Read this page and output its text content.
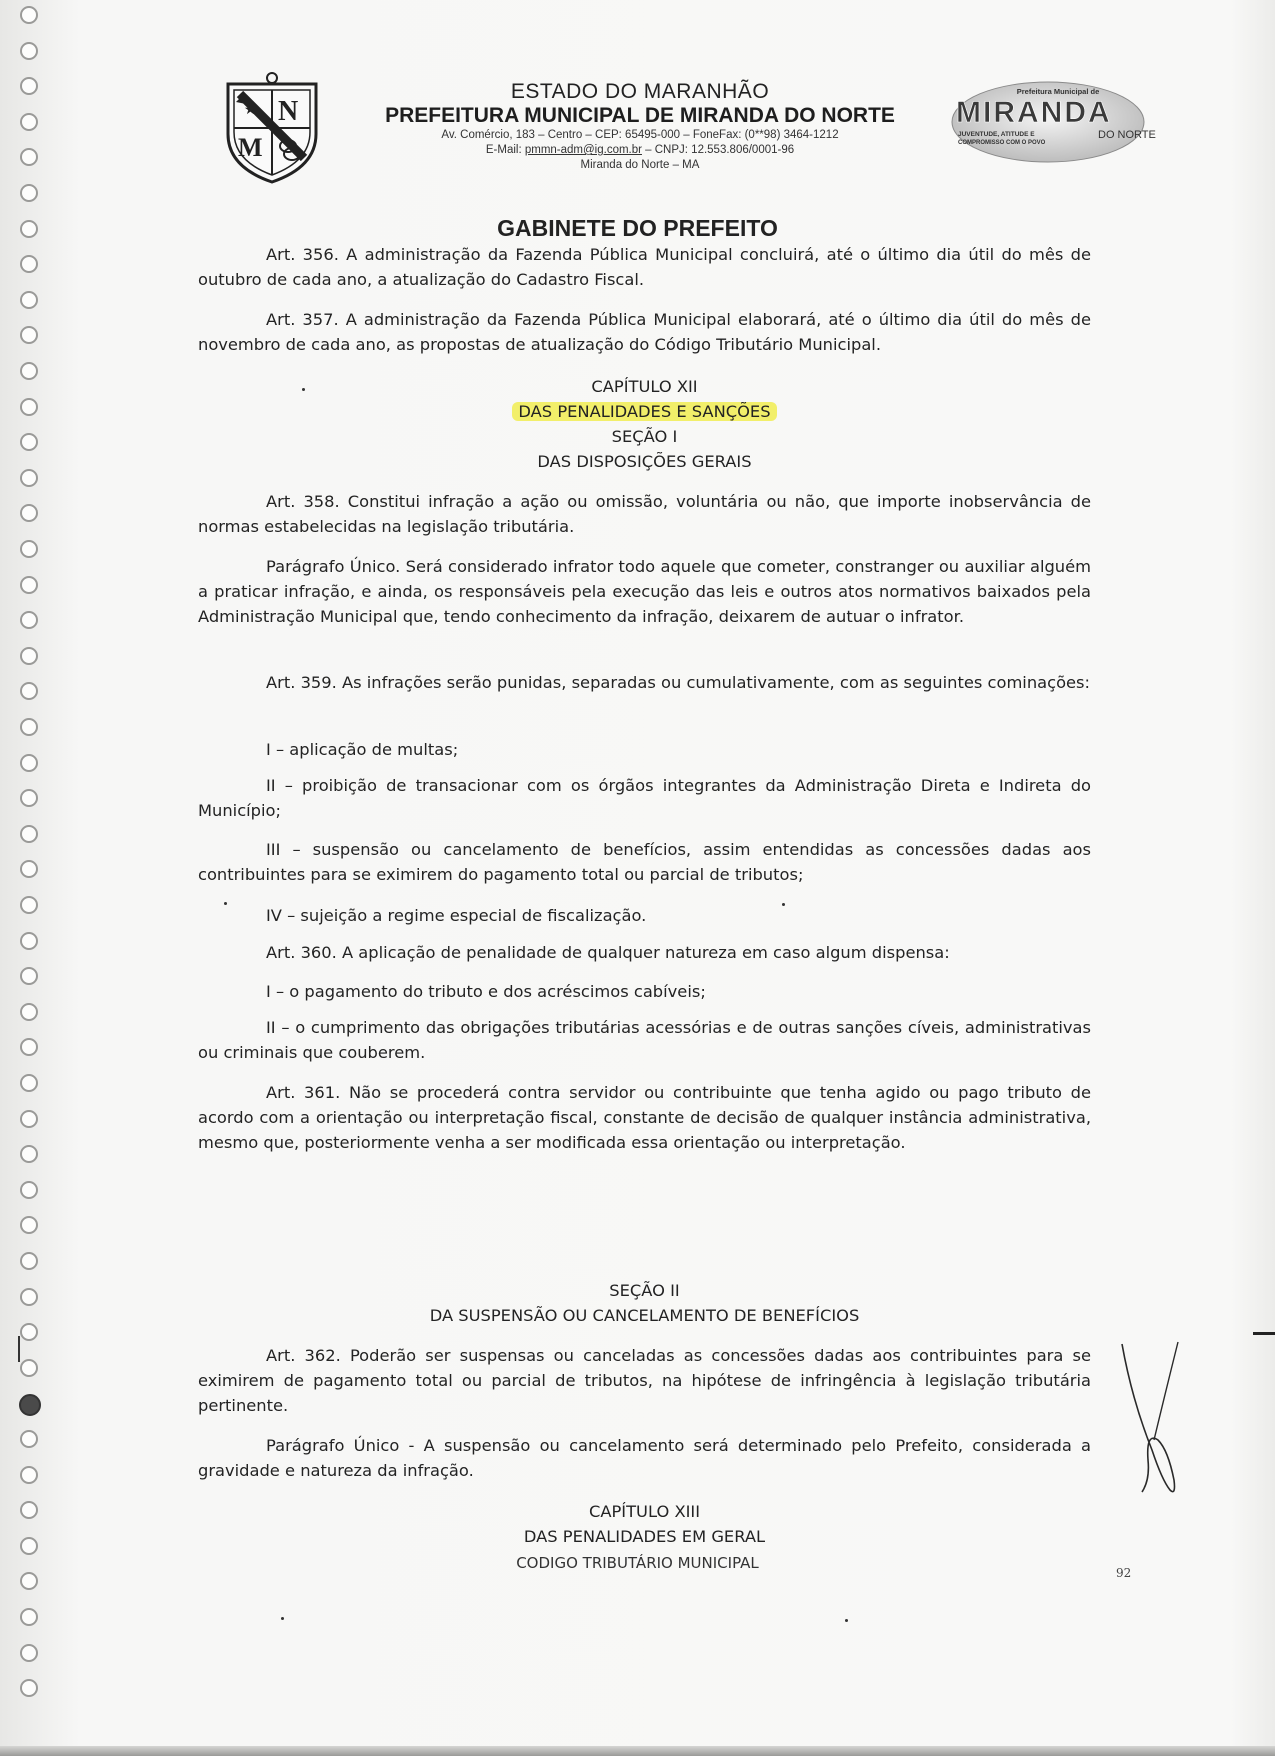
★ N
M
ESTADO DO MARANHÃO
PREFEITURA MUNICIPAL DE MIRANDA DO NORTE
Av. Comércio, 183 – Centro – CEP: 65495-000 – FoneFax: (0**98) 3464-1212
E-Mail: pmmn-adm@ig.com.br – CNPJ: 12.553.806/0001-96
Miranda do Norte – MA
Prefeitura Municipal de
MIRANDA
DO NORTE
JUVENTUDE, ATITUDE E
COMPROMISSO COM O POVO
GABINETE DO PREFEITO
Art. 356. A administração da Fazenda Pública Municipal concluirá, até o último dia útil do mês de outubro de cada ano, a atualização do Cadastro Fiscal.
Art. 357. A administração da Fazenda Pública Municipal elaborará, até o último dia útil do mês de novembro de cada ano, as propostas de atualização do Código Tributário Municipal.
CAPÍTULO XII
DAS PENALIDADES E SANÇÕES
SEÇÃO I
DAS DISPOSIÇÕES GERAIS
Art. 358. Constitui infração a ação ou omissão, voluntária ou não, que importe inobservância de normas estabelecidas na legislação tributária.
Parágrafo Único. Será considerado infrator todo aquele que cometer, constranger ou auxiliar alguém a praticar infração, e ainda, os responsáveis pela execução das leis e outros atos normativos baixados pela Administração Municipal que, tendo conhecimento da infração, deixarem de autuar o infrator.
Art. 359. As infrações serão punidas, separadas ou cumulativamente, com as seguintes cominações:
I – aplicação de multas;
II – proibição de transacionar com os órgãos integrantes da Administração Direta e Indireta do Município;
III – suspensão ou cancelamento de benefícios, assim entendidas as concessões dadas aos contribuintes para se eximirem do pagamento total ou parcial de tributos;
IV – sujeição a regime especial de fiscalização.
Art. 360. A aplicação de penalidade de qualquer natureza em caso algum dispensa:
I – o pagamento do tributo e dos acréscimos cabíveis;
II – o cumprimento das obrigações tributárias acessórias e de outras sanções cíveis, administrativas ou criminais que couberem.
Art. 361. Não se procederá contra servidor ou contribuinte que tenha agido ou pago tributo de acordo com a orientação ou interpretação fiscal, constante de decisão de qualquer instância administrativa, mesmo que, posteriormente venha a ser modificada essa orientação ou interpretação.
SEÇÃO II
DA SUSPENSÃO OU CANCELAMENTO DE BENEFÍCIOS
Art. 362. Poderão ser suspensas ou canceladas as concessões dadas aos contribuintes para se eximirem de pagamento total ou parcial de tributos, na hipótese de infringência à legislação tributária pertinente.
Parágrafo Único - A suspensão ou cancelamento será determinado pelo Prefeito, considerada a gravidade e natureza da infração.
CAPÍTULO XIII
DAS PENALIDADES EM GERAL
CODIGO TRIBUTÁRIO MUNICIPAL
92
